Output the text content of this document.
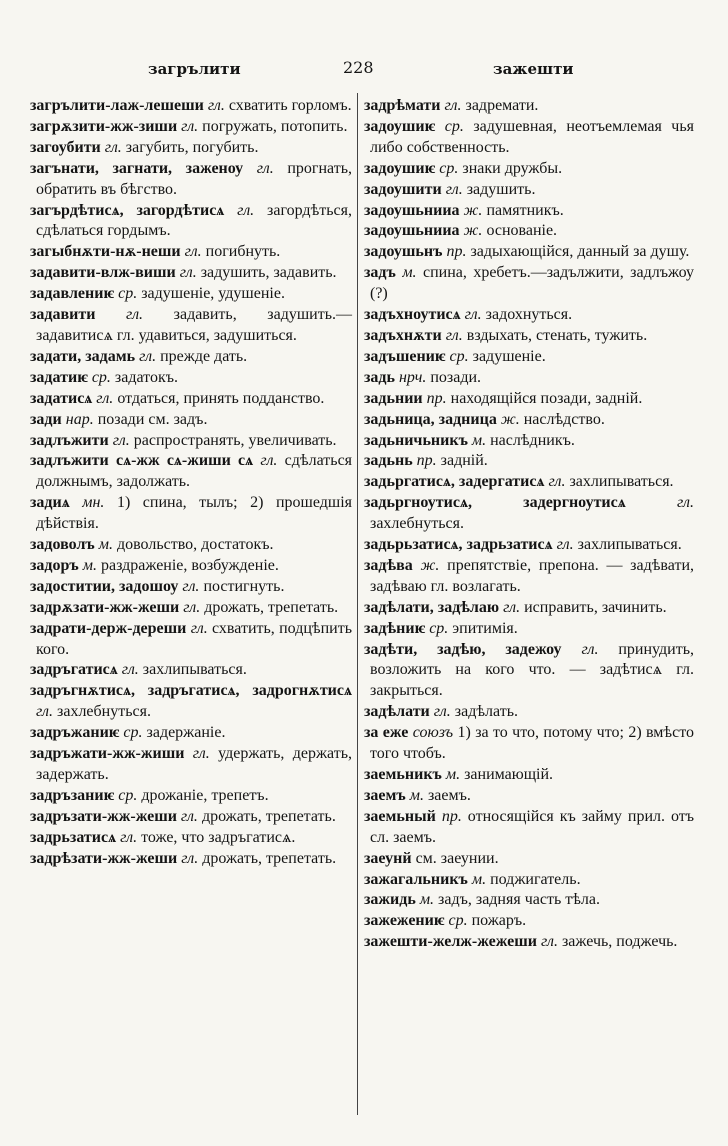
загрълити	228	зажешти

загрълити-лаж-лешеши гл. схватить горломъ.

загрѫзити-жж-зиши гл. погружать, потопить.

загоубити гл. загубить, погубить.

загънати, загнати, заженоу гл. прогнать, обратить въ бѣгство.

загърдѣтисѧ, загордѣтисѧ гл. загордѣться, сдѣлаться гордымъ.

загыбнѫти-нѫ-неши гл. погибнуть.

задавити-влж-виши гл. задушить, задавить.

задавлениѥ ср. задушеніе, удушеніе.

задавити гл. задавить, задушить.— задавитисѧ гл. удавиться, задушиться.

задати, задамь гл. прежде дать.

задатиѥ ср. задатокъ.

задатисѧ гл. отдаться, принять подданство.

зади нар. позади см. задъ.

задлъжити гл. распространять, увеличивать.

задлъжити сѧ-жж сѧ-жиши сѧ гл. сдѣлаться должнымъ, задолжать.

задиѧ мн. 1) спина, тылъ; 2) прошедшія дѣйствія.

задоволъ м. довольство, достатокъ.

задоръ м. раздраженіе, возбужденіе.

задоститии, задошоу гл. постигнуть.

задрѫзати-жж-жеши гл. дрожать, трепетать.

задрати-держ-дереши гл. схватить, подцѣпить кого.

задръгатисѧ гл. захлипываться.

задръгнѫтисѧ, задръгатисѧ, задрогнѫтисѧ гл. захлебнуться.

задръжаниѥ ср. задержаніе.

задръжати-жж-жиши гл. удержать, держать, задержать.

задръзаниѥ ср. дрожаніе, трепетъ.

задръзати-жж-жеши гл. дрожать, трепетать.

задрьзатисѧ гл. тоже, что задръгатисѧ.

задрѣзати-жж-жеши гл. дрожать, трепетать.

задрѣмати гл. задремати.

задоушиѥ ср. задушевная, неотъемлемая чья либо собственность.

задоушиѥ ср. знаки дружбы.

задоушити гл. задушить.

задоушьнииа ж. памятникъ.

задоушьнииа ж. основаніе.

задоушьнъ пр. задыхающійся, данный за душу.

задъ м. спина, хребетъ.—задължити, задлъжоу (?)

задъхноутисѧ гл. задохнуться.

задъхнѫти гл. вздыхать, стенать, тужить.

задъшениѥ ср. задушеніе.

задь нрч. позади.

задьнии пр. находящійся позади, задній.

задьница, задница ж. наслѣдство.

задьничьникъ м. наслѣдникъ.

задьнь пр. задній.

задьргатисѧ, задергатисѧ гл. захлипываться.

задьргноутисѧ, задергноутисѧ	гл. захлебнуться.

задьрьзатисѧ, задрьзатисѧ гл. захлипываться.

задѣва ж. препятствіе, препона. — задѣвати, задѣваю гл. возлагать.

задѣлати, задѣлаю гл. исправить, зачинить.

задѣниѥ ср. эпитимія.

задѣти, задѣю, задежоу гл. принудить, возложить на кого что. — задѣтисѧ гл. закрыться.

задѣлати гл. задѣлать.

за еже союзъ 1) за то что, потому что; 2) вмѣсто того чтобъ.

заемьникъ м. занимающій.

заемъ м. заемъ.

заемьный пр. относящійся къ займу прил. отъ сл. заемъ.

заеунй см. заеунии.

зажагальникъ м. поджигатель.

зажидь м. задъ, задняя часть тѣла.

зажежениѥ ср. пожаръ.

зажешти-желж-жежеши гл. зажечь, поджечь.
